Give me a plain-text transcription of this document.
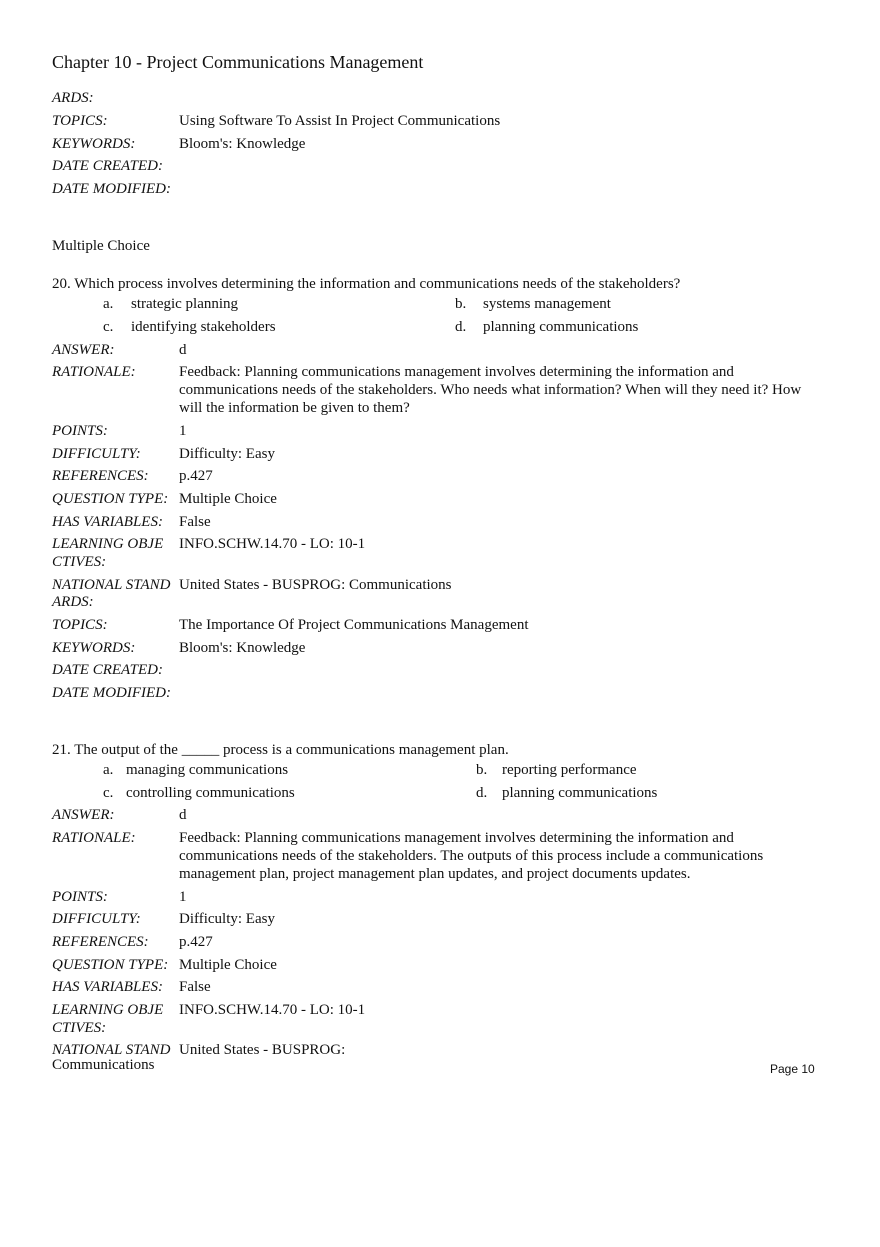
Chapter 10 - Project Communications Management
ARDS:
TOPICS:	Using Software To Assist In Project Communications
KEYWORDS:	Bloom's: Knowledge
DATE CREATED:
DATE MODIFIED:
Multiple Choice
20. Which process involves determining the information and communications needs of the stakeholders?
a. strategic planning	b. systems management
c. identifying stakeholders	d. planning communications
ANSWER:	d
RATIONALE:	Feedback: Planning communications management involves determining the information and communications needs of the stakeholders. Who needs what information? When will they need it? How will the information be given to them?
POINTS:	1
DIFFICULTY:	Difficulty: Easy
REFERENCES: p.427
QUESTION TYPE: Multiple Choice
HAS VARIABLES: False
LEARNING OBJE INFO.SCHW.14.70 - LO: 10-1
CTIVES:
NATIONAL STAND United States - BUSPROG: Communications
ARDS:
TOPICS:	The Importance Of Project Communications Management
KEYWORDS:	Bloom's: Knowledge
DATE CREATED:
DATE MODIFIED:
21. The output of the _____ process is a communications management plan.
a. managing communications	b. reporting performance
c. controlling communications	d. planning communications
ANSWER:	d
RATIONALE:	Feedback: Planning communications management involves determining the information and communications needs of the stakeholders. The outputs of this process include a communications management plan, project management plan updates, and project documents updates.
POINTS:	1
DIFFICULTY:	Difficulty: Easy
REFERENCES: p.427
QUESTION TYPE: Multiple Choice
HAS VARIABLES: False
LEARNING OBJE INFO.SCHW.14.70 - LO: 10-1
CTIVES:
NATIONAL STAND United States - BUSPROG:
Communications	Page 10
